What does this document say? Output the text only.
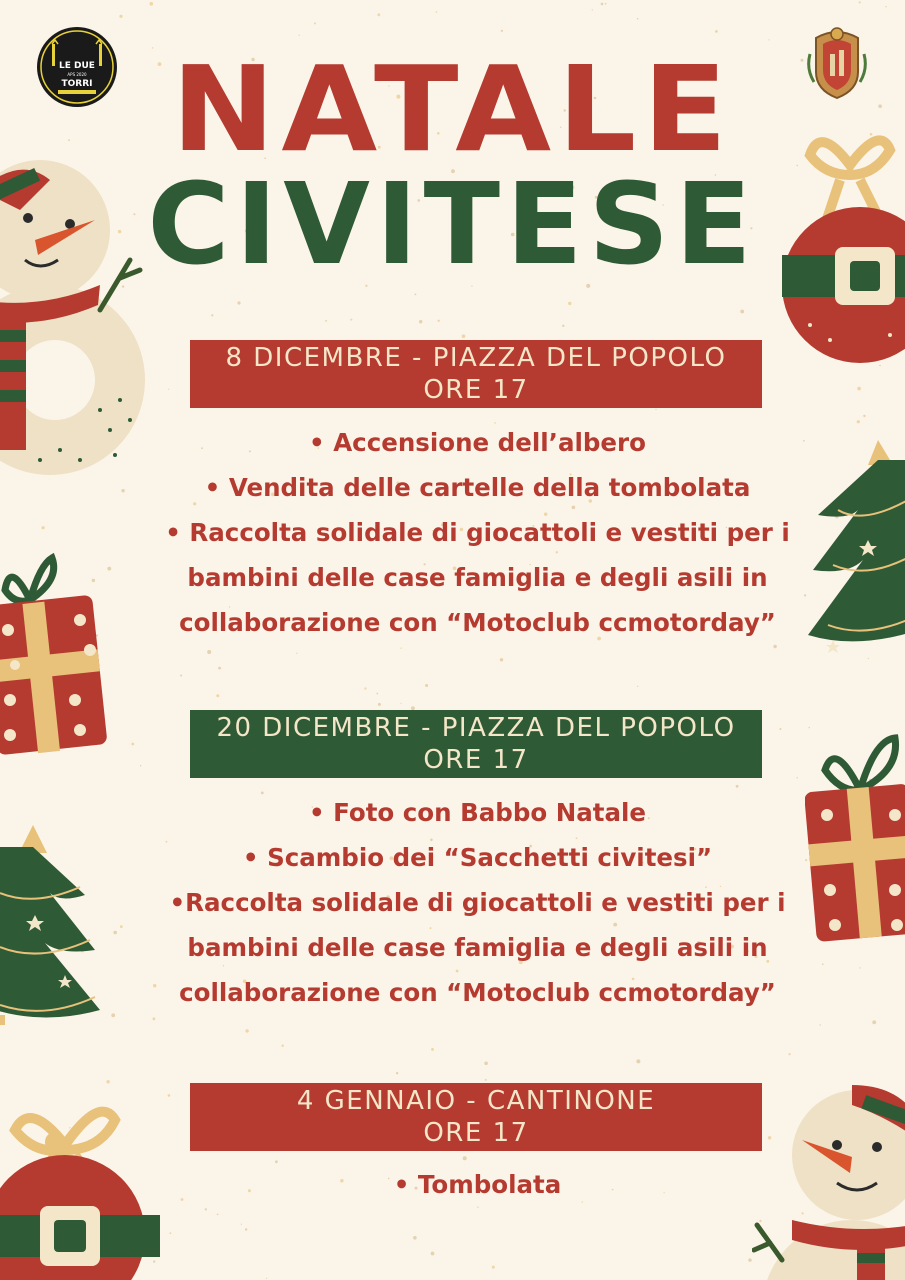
LE DUE
APS 2020
TORRI NATALE
CIVITESE
8 DICEMBRE - PIAZZA DEL POPOLO
ORE 17
• Accensione dell’albero
• Vendita delle cartelle della tombolata
• Raccolta solidale di giocattoli e vestiti per i
bambini delle case famiglia e degli asili in
collaborazione con “Motoclub ccmotorday”
20 DICEMBRE - PIAZZA DEL POPOLO
ORE 17
• Foto con Babbo Natale
• Scambio dei “Sacchetti civitesi”
•Raccolta solidale di giocattoli e vestiti per i
bambini delle case famiglia e degli asili in
collaborazione con “Motoclub ccmotorday”
4 GENNAIO - CANTINONE
ORE 17
• Tombolata
